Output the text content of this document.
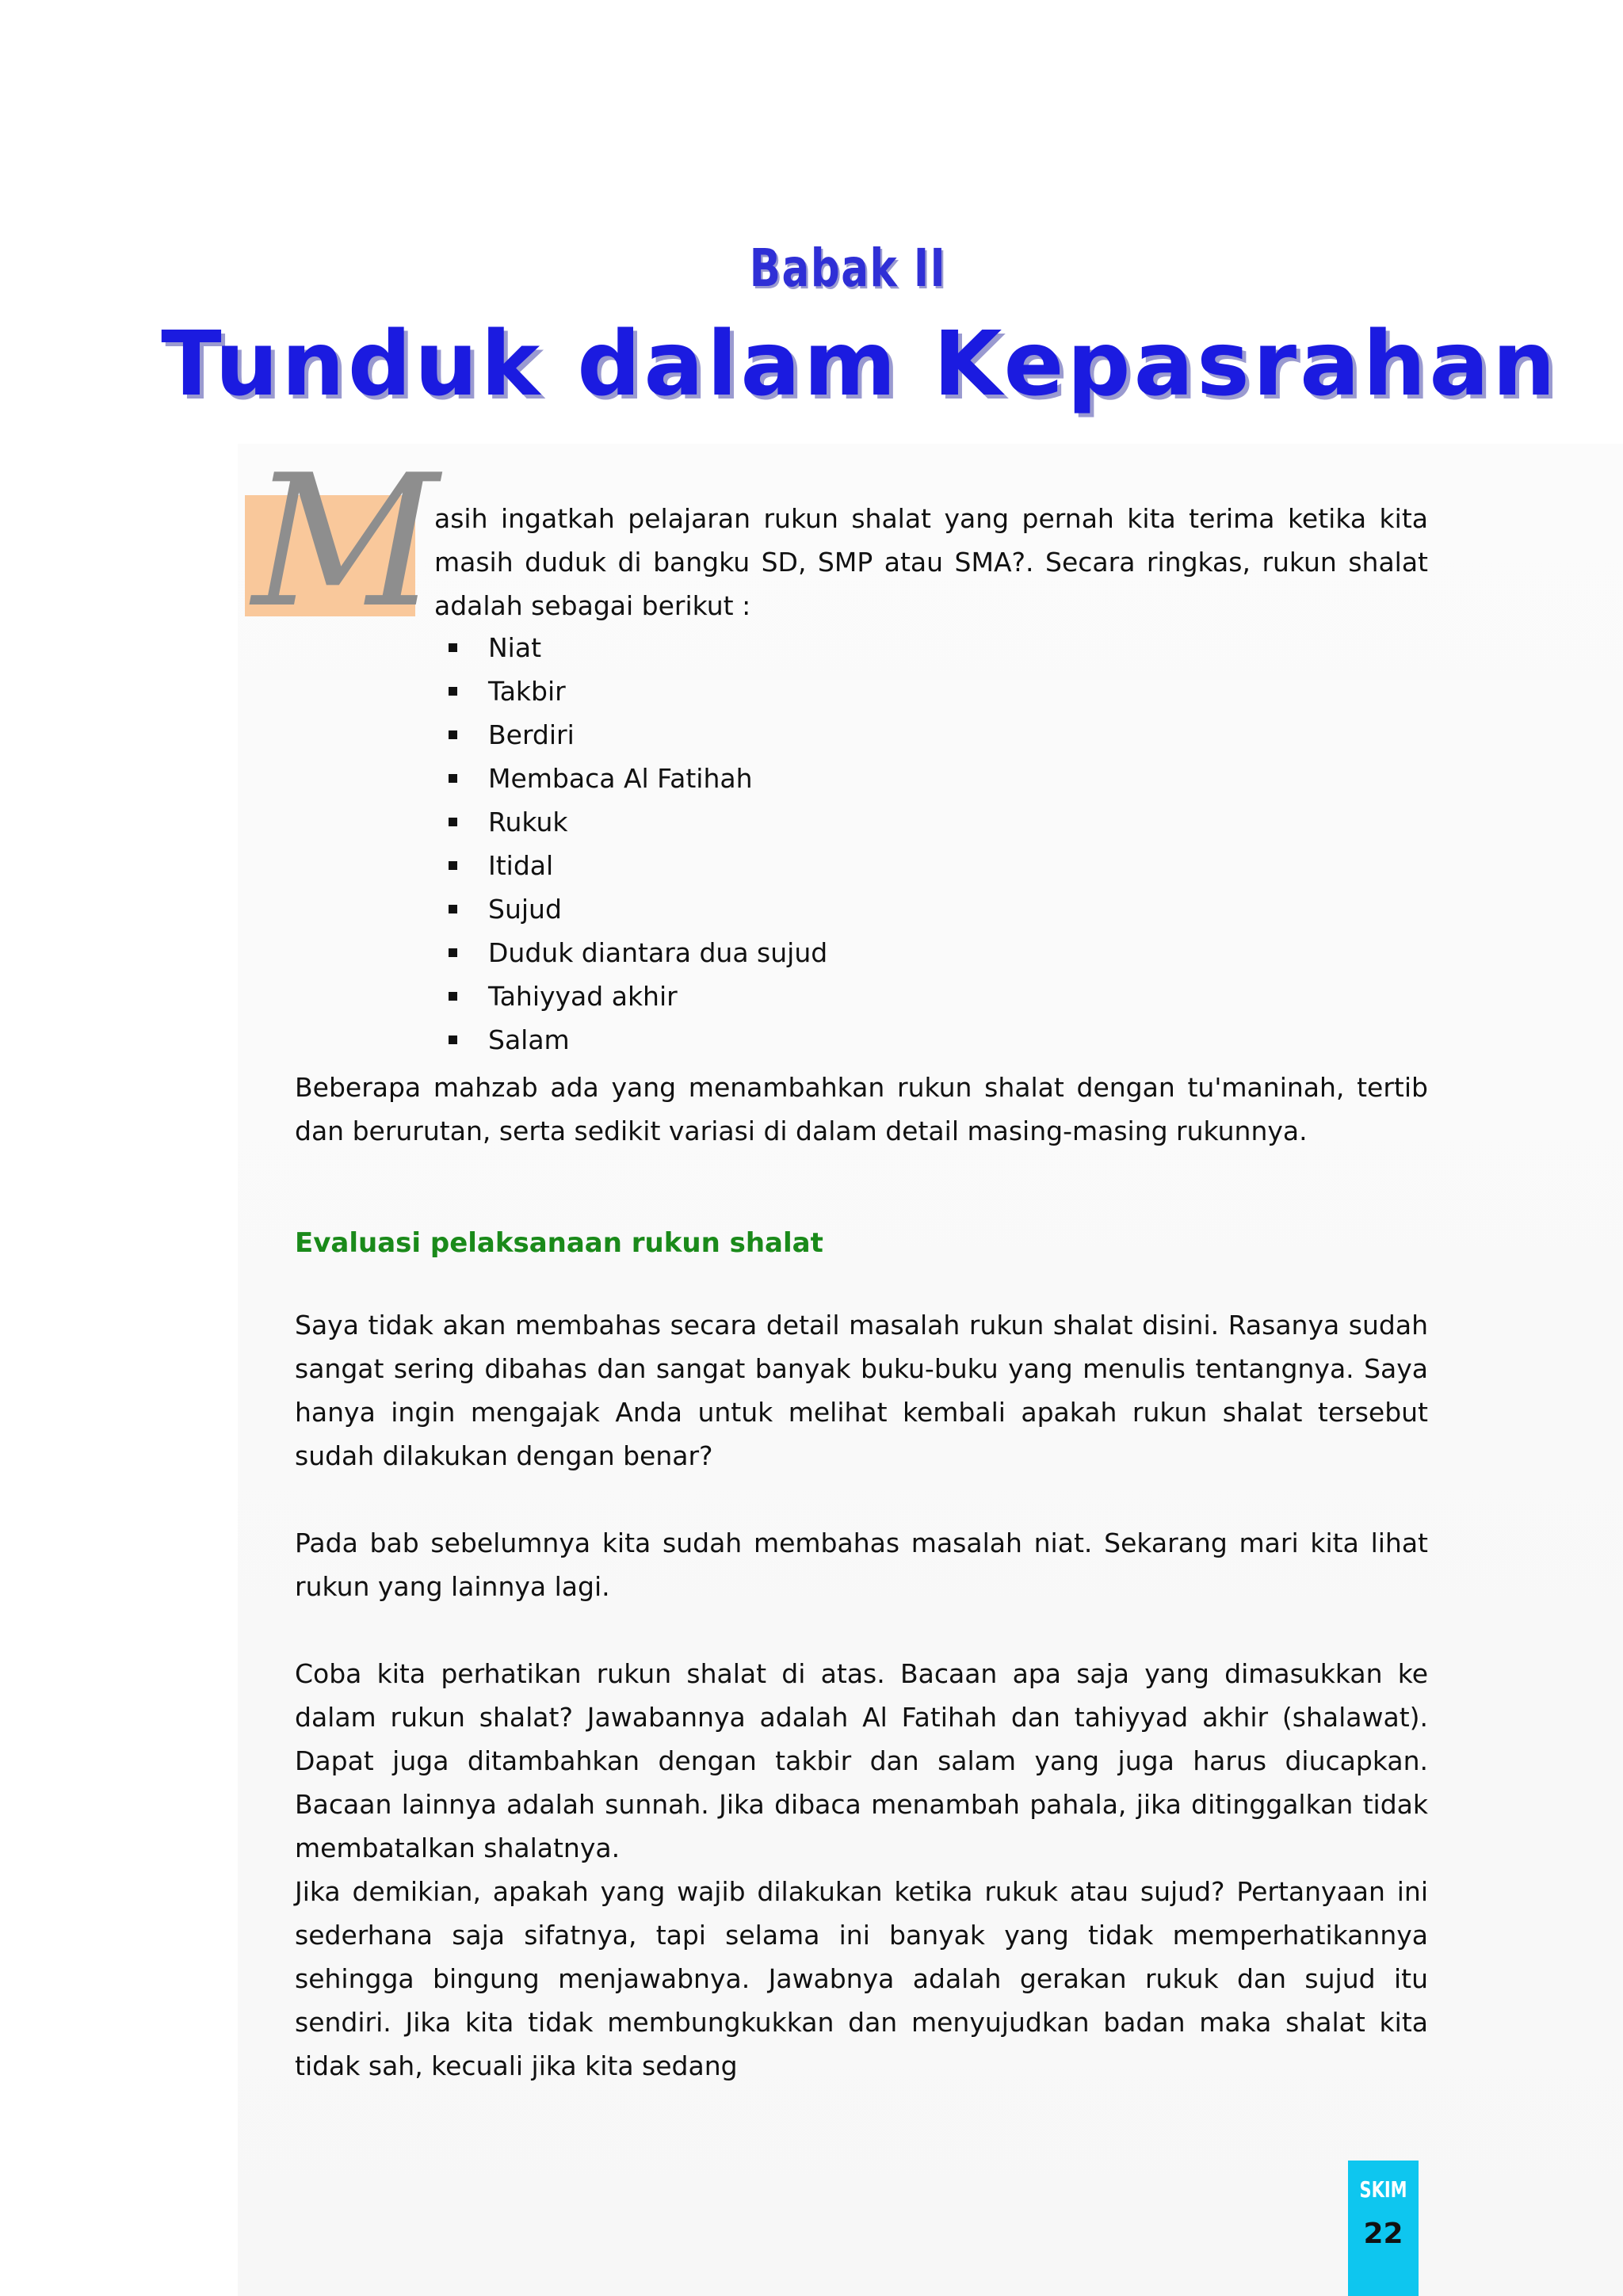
Babak II
Tunduk dalam Kepasrahan
M

asih ingatkah pelajaran rukun shalat yang pernah kita terima ketika kita masih duduk di bangku SD, SMP atau SMA?. Secara ringkas, rukun shalat adalah sebagai berikut :

Niat
Takbir
Berdiri
Membaca Al Fatihah
Rukuk
Itidal
Sujud
Duduk diantara dua sujud
Tahiyyad akhir
Salam

Beberapa mahzab ada yang menambahkan rukun shalat dengan tu'maninah, tertib dan berurutan, serta sedikit variasi di dalam detail masing-masing rukunnya.

Evaluasi pelaksanaan rukun shalat

Saya tidak akan membahas secara detail masalah rukun shalat disini. Rasanya sudah sangat sering dibahas dan sangat banyak buku-buku yang menulis tentangnya. Saya hanya ingin mengajak Anda untuk melihat kembali apakah rukun shalat tersebut sudah dilakukan dengan benar?

Pada bab sebelumnya kita sudah membahas masalah niat. Sekarang mari kita lihat rukun yang lainnya lagi.

Coba kita perhatikan rukun shalat di atas. Bacaan apa saja yang dimasukkan ke dalam rukun shalat? Jawabannya adalah Al Fatihah dan tahiyyad akhir (shalawat). Dapat juga ditambahkan dengan takbir dan salam yang juga harus diucapkan. Bacaan lainnya adalah sunnah. Jika dibaca menambah pahala, jika ditinggalkan tidak membatalkan shalatnya.

Jika demikian, apakah yang wajib dilakukan ketika rukuk atau sujud? Pertanyaan ini sederhana saja sifatnya, tapi selama ini banyak yang tidak memperhatikannya sehingga bingung menjawabnya. Jawabnya adalah gerakan rukuk dan sujud itu sendiri. Jika kita tidak membungkukkan dan menyujudkan badan maka shalat kita tidak sah, kecuali jika kita sedang

SKIM
22
